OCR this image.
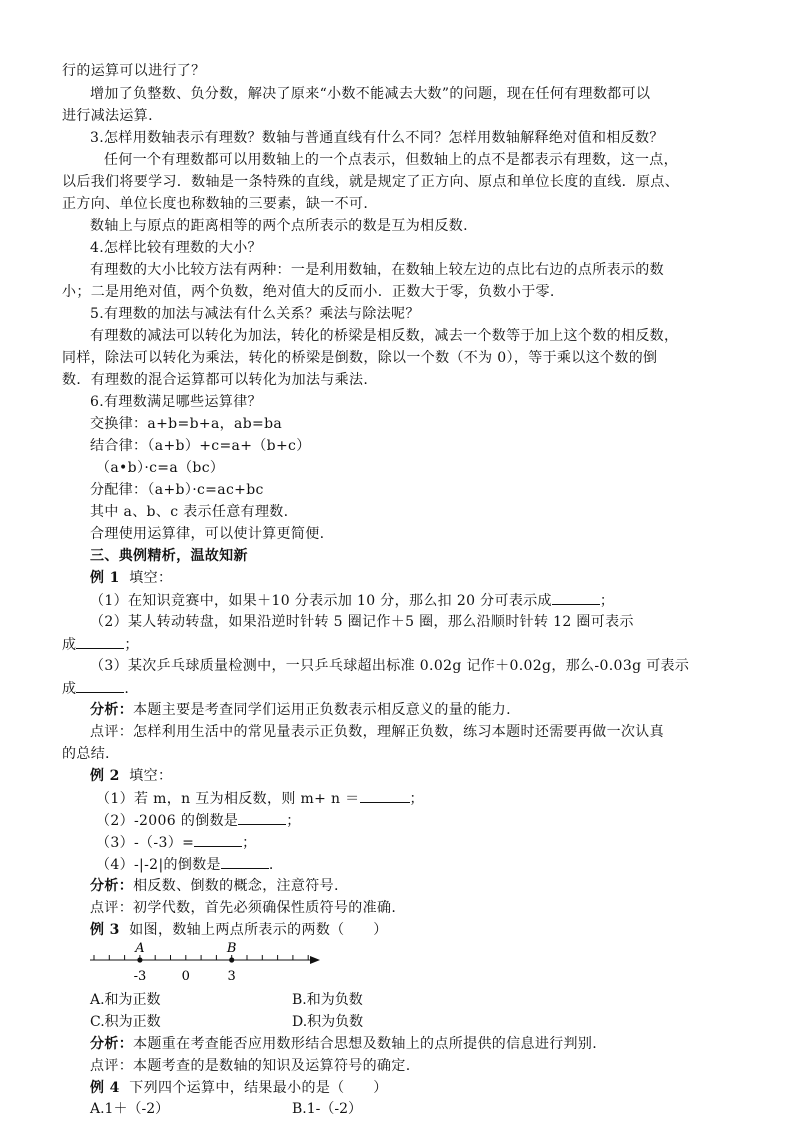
行的运算可以进行了？
增加了负整数、负分数，解决了原来“小数不能减去大数”的问题，现在任何有理数都可以
进行减法运算.
3.怎样用数轴表示有理数？数轴与普通直线有什么不同？怎样用数轴解释绝对值和相反数？
任何一个有理数都可以用数轴上的一个点表示，但数轴上的点不是都表示有理数，这一点，
以后我们将要学习．数轴是一条特殊的直线，就是规定了正方向、原点和单位长度的直线．原点、
正方向、单位长度也称数轴的三要素，缺一不可.
数轴上与原点的距离相等的两个点所表示的数是互为相反数.
4.怎样比较有理数的大小？
有理数的大小比较方法有两种：一是利用数轴，在数轴上较左边的点比右边的点所表示的数
小；二是用绝对值，两个负数，绝对值大的反而小．正数大于零，负数小于零.
5.有理数的加法与减法有什么关系？乘法与除法呢？
有理数的减法可以转化为加法，转化的桥梁是相反数，减去一个数等于加上这个数的相反数，
同样，除法可以转化为乘法，转化的桥梁是倒数，除以一个数（不为 0），等于乘以这个数的倒
数．有理数的混合运算都可以转化为加法与乘法.
6.有理数满足哪些运算律？
交换律：a+b=b+a，ab=ba
结合律：（a+b）+c=a+（b+c）
（a•b）·c=a（bc）
分配律：（a+b）·c=ac+bc
其中 a、b、c 表示任意有理数.
合理使用运算律，可以使计算更简便.
三、典例精析，温故知新
例 1 填空：
（1）在知识竞赛中，如果＋10 分表示加 10 分，那么扣 20 分可表示成	；
（2）某人转动转盘，如果沿逆时针转 5 圈记作＋5 圈，那么沿顺时针转 12 圈可表示
成	；
（3）某次乒乓球质量检测中，一只乒乓球超出标准 0.02g 记作＋0.02g，那么-0.03g 可表示
成	.
分析：本题主要是考查同学们运用正负数表示相反意义的量的能力.
点评：怎样利用生活中的常见量表示正负数，理解正负数，练习本题时还需要再做一次认真
的总结.
例 2 填空：
（1）若 m，n 互为相反数，则 m+ n ＝	；
（2）-2006 的倒数是	；
（3）-（-3）=	；
（4）-|-2|的倒数是	.
分析：相反数、倒数的概念，注意符号.
点评：初学代数，首先必须确保性质符号的准确.
例 3 如图，数轴上两点所表示的两数（　　）
A	B
-3	0	3
A.和为正数	B.和为负数
C.积为正数	D.积为负数
分析：本题重在考查能否应用数形结合思想及数轴上的点所提供的信息进行判别.
点评：本题考查的是数轴的知识及运算符号的确定.
例 4 下列四个运算中，结果最小的是（　　）
A.1＋（-2）	B.1-（-2）
